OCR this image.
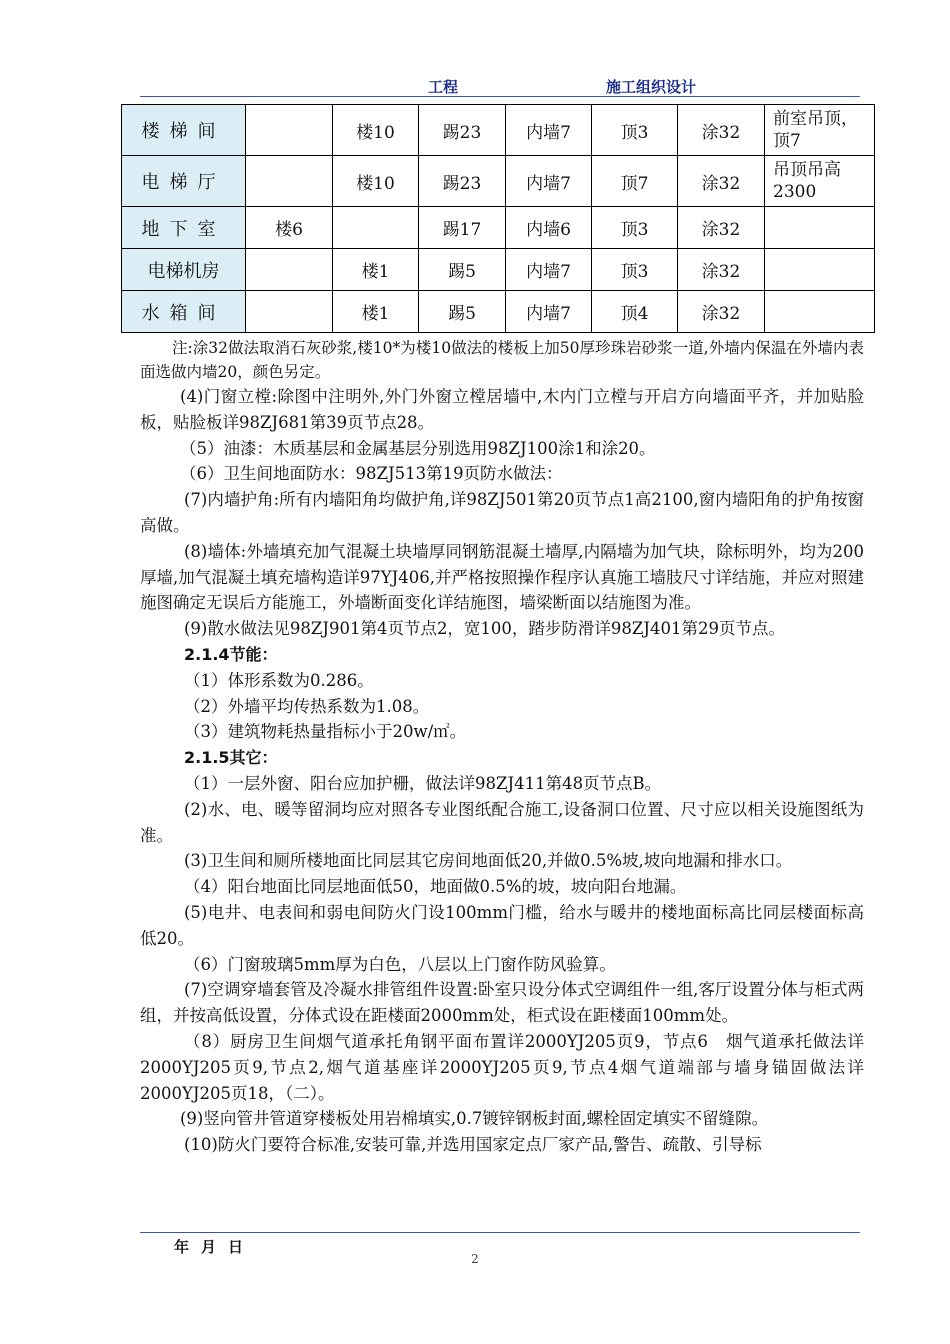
工程	施工组织设计
楼梯间		楼10	踢23	内墙7	顶3	涂32	前室吊顶，顶7
电梯厅		楼10	踢23	内墙7	顶7	涂32	吊顶吊高2300
地下室	楼6		踢17	内墙6	顶3	涂32	
电梯机房		楼1	踢5	内墙7	顶3	涂32	
水箱间		楼1	踢5	内墙7	顶4	涂32	

注:涂32做法取消石灰砂浆,楼10*为楼10做法的楼板上加50厚珍珠岩砂浆一道,外墙内保温在外墙内表面选做内墙20，颜色另定。

(4)门窗立樘:除图中注明外,外门外窗立樘居墙中,木内门立樘与开启方向墙面平齐，并加贴脸板，贴脸板详98ZJ681第39页节点28。

（5）油漆：木质基层和金属基层分别选用98ZJ100涂1和涂20。

（6）卫生间地面防水：98ZJ513第19页防水做法：

(7)内墙护角:所有内墙阳角均做护角,详98ZJ501第20页节点1高2100,窗内墙阳角的护角按窗高做。

(8)墙体:外墙填充加气混凝土块墙厚同钢筋混凝土墙厚,内隔墙为加气块，除标明外，均为200厚墙,加气混凝土填充墙构造详97YJ406,并严格按照操作程序认真施工墙肢尺寸详结施，并应对照建施图确定无误后方能施工，外墙断面变化详结施图，墙梁断面以结施图为准。

(9)散水做法见98ZJ901第4页节点2，宽100，踏步防滑详98ZJ401第29页节点。

2.1.4节能：

（1）体形系数为0.286。

（2）外墙平均传热系数为1.08。

（3）建筑物耗热量指标小于20w/㎡。

2.1.5其它：

（1）一层外窗、阳台应加护栅，做法详98ZJ411第48页节点B。

(2)水、电、暖等留洞均应对照各专业图纸配合施工,设备洞口位置、尺寸应以相关设施图纸为准。

(3)卫生间和厕所楼地面比同层其它房间地面低20,并做0.5%坡,坡向地漏和排水口。

（4）阳台地面比同层地面低50，地面做0.5%的坡，坡向阳台地漏。

(5)电井、电表间和弱电间防火门设100mm门槛，给水与暖井的楼地面标高比同层楼面标高低20。

（6）门窗玻璃5mm厚为白色，八层以上门窗作防风验算。

(7)空调穿墙套管及冷凝水排管组件设置:卧室只设分体式空调组件一组,客厅设置分体与柜式两组，并按高低设置，分体式设在距楼面2000mm处，柜式设在距楼面100mm处。

（8）厨房卫生间烟气道承托角钢平面布置详2000YJ205页9，节点6　烟气道承托做法详2000YJ205页9,节点2,烟气道基座详2000YJ205页9,节点4烟气道端部与墙身锚固做法详2000YJ205页18，（二）。

(9)竖向管井管道穿楼板处用岩棉填实,0.7镀锌钢板封面,螺栓固定填实不留缝隙。

(10)防火门要符合标准,安装可靠,并选用国家定点厂家产品,警告、疏散、引导标

年月日
2
